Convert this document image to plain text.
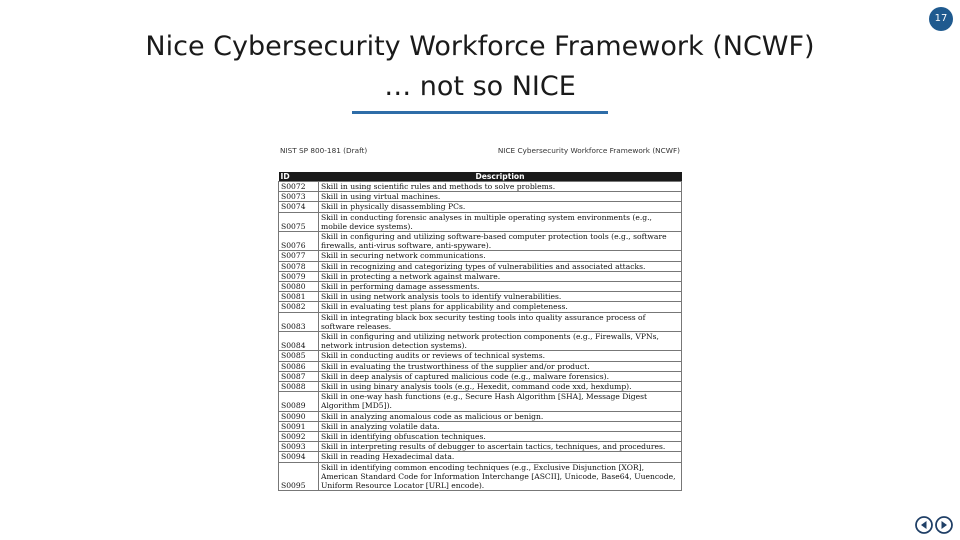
17
Nice Cybersecurity Workforce Framework (NCWF)
… not so NICE
NIST SP 800-181 (Draft)	NICE Cybersecurity Workforce Framework (NCWF)
ID	Description
S0072	Skill in using scientific rules and methods to solve problems.
S0073	Skill in using virtual machines.
S0074	Skill in physically disassembling PCs.
S0075	Skill in conducting forensic analyses in multiple operating system environments (e.g., mobile device systems).
S0076	Skill in configuring and utilizing software-based computer protection tools (e.g., software firewalls, anti-virus software, anti-spyware).
S0077	Skill in securing network communications.
S0078	Skill in recognizing and categorizing types of vulnerabilities and associated attacks.
S0079	Skill in protecting a network against malware.
S0080	Skill in performing damage assessments.
S0081	Skill in using network analysis tools to identify vulnerabilities.
S0082	Skill in evaluating test plans for applicability and completeness.
S0083	Skill in integrating black box security testing tools into quality assurance process of software releases.
S0084	Skill in configuring and utilizing network protection components (e.g., Firewalls, VPNs, network intrusion detection systems).
S0085	Skill in conducting audits or reviews of technical systems.
S0086	Skill in evaluating the trustworthiness of the supplier and/or product.
S0087	Skill in deep analysis of captured malicious code (e.g., malware forensics).
S0088	Skill in using binary analysis tools (e.g., Hexedit, command code xxd, hexdump).
S0089	Skill in one-way hash functions (e.g., Secure Hash Algorithm [SHA], Message Digest Algorithm [MD5]).
S0090	Skill in analyzing anomalous code as malicious or benign.
S0091	Skill in analyzing volatile data.
S0092	Skill in identifying obfuscation techniques.
S0093	Skill in interpreting results of debugger to ascertain tactics, techniques, and procedures.
S0094	Skill in reading Hexadecimal data.
S0095	Skill in identifying common encoding techniques (e.g., Exclusive Disjunction [XOR], American Standard Code for Information Interchange [ASCII], Unicode, Base64, Uuencode, Uniform Resource Locator [URL] encode).
